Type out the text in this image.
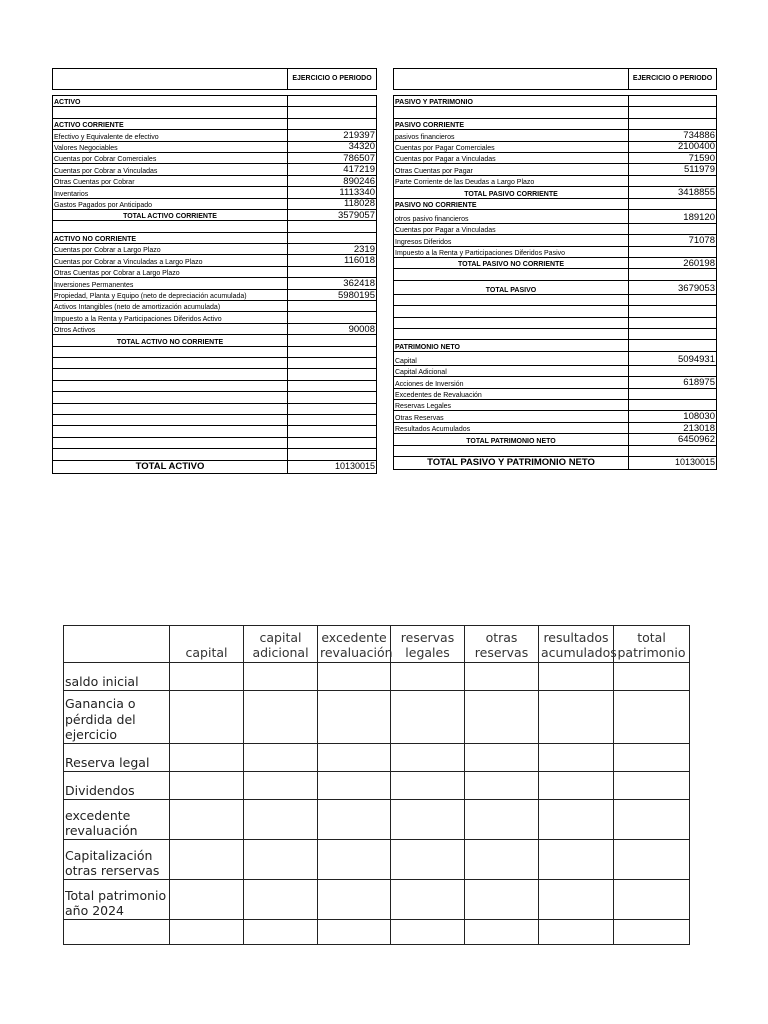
	EJERCICIO O PERIODO

ACTIVO	

ACTIVO CORRIENTE	
Efectivo y Equivalente de efectivo	219397
Valores Negociables	34320
Cuentas por Cobrar Comerciales	786507
Cuentas por Cobrar a Vinculadas	417219
Otras Cuentas por Cobrar	890246
Inventarios	1113340
Gastos Pagados por Anticipado	118028
TOTAL ACTIVO CORRIENTE	3579057

ACTIVO NO CORRIENTE	
Cuentas por Cobrar a Largo Plazo	2319
Cuentas por Cobrar a Vinculadas a Largo Plazo	116018
Otras Cuentas por Cobrar a Largo Plazo	
Inversiones Permanentes	362418
Propiedad, Planta y Equipo (neto de depreciación acumulada)	5980195
Activos Intangibles (neto de amortización acumulada)	
Impuesto a la Renta y Participaciones Diferidos Activo	
Otros Activos	90008
TOTAL ACTIVO NO CORRIENTE	

TOTAL ACTIVO	10130015
	EJERCICIO O PERIODO

PASIVO Y PATRIMONIO	

PASIVO CORRIENTE	
pasivos financieros	734886
Cuentas por Pagar Comerciales	2100400
Cuentas por Pagar a Vinculadas	71590
Otras Cuentas por Pagar	511979
Parte Corriente de las Deudas a Largo Plazo	
TOTAL PASIVO CORRIENTE	3418855
PASIVO NO CORRIENTE	
otros pasivo financieros	189120
Cuentas por Pagar a Vinculadas	
Ingresos Diferidos	71078
Impuesto a la Renta y Participaciones Diferidos Pasivo	
TOTAL PASIVO NO CORRIENTE	260198

TOTAL PASIVO	3679053

PATRIMONIO NETO	
Capital	5094931
Capital Adicional	
Acciones de Inversión	618975
Excedentes de Revaluación	
Reservas Legales	
Otras Reservas	108030
Resultados Acumulados	213018
TOTAL PATRIMONIO NETO	6450962

TOTAL PASIVO Y PATRIMONIO NETO	10130015
	capital	capital adicional	excedente revaluación	reservas legales	otras reservas	resultados acumulados	total patrimonio
saldo inicial							
Ganancia o pérdida del ejercicio							
Reserva legal							
Dividendos							
excedente revaluación							
Capitalización otras rerservas							
Total patrimonio año 2024							
